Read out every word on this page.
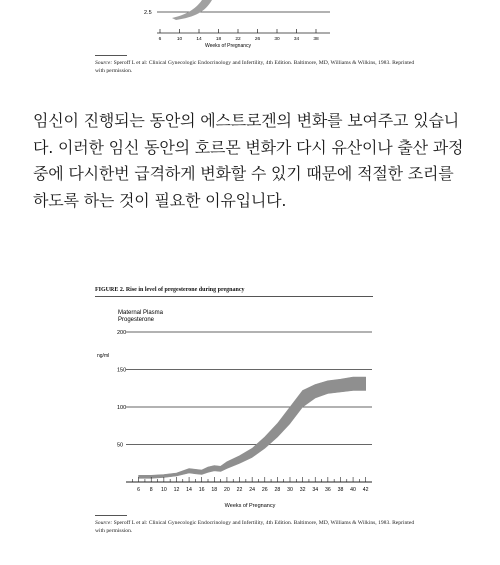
2.5
6	10	14	18	22	26	30	34	38
Weeks of Pregnancy
Source: Speroff L et al: Clinical Gynecologic Endocrinology and Infertility, 4th Edition. Baltimore, MD, Williams & Wilkins, 1983. Reprinted with permission.
임신이 진행되는 동안의 에스트로겐의 변화를 보여주고 있습니다. 이러한 임신 동안의 호르몬 변화가 다시 유산이나 출산 과정 중에 다시한번 급격하게 변화할 수 있기 때문에 적절한 조리를 하도록 하는 것이 필요한 이유입니다.
FIGURE 2. Rise in level of pregesterone during pregnancy
Maternal Plasma
Progesterone
ng/ml
50
100
150
200
6 8 10 12 14 16 18 20 22 24 26 28 30 32 34 36 38 40 42
Weeks of Pregnancy
Source: Speroff L et al: Clinical Gynecologic Endocrinology and Infertility, 4th Edition. Baltimore, MD, Williams & Wilkins, 1983. Reprinted with permission.
